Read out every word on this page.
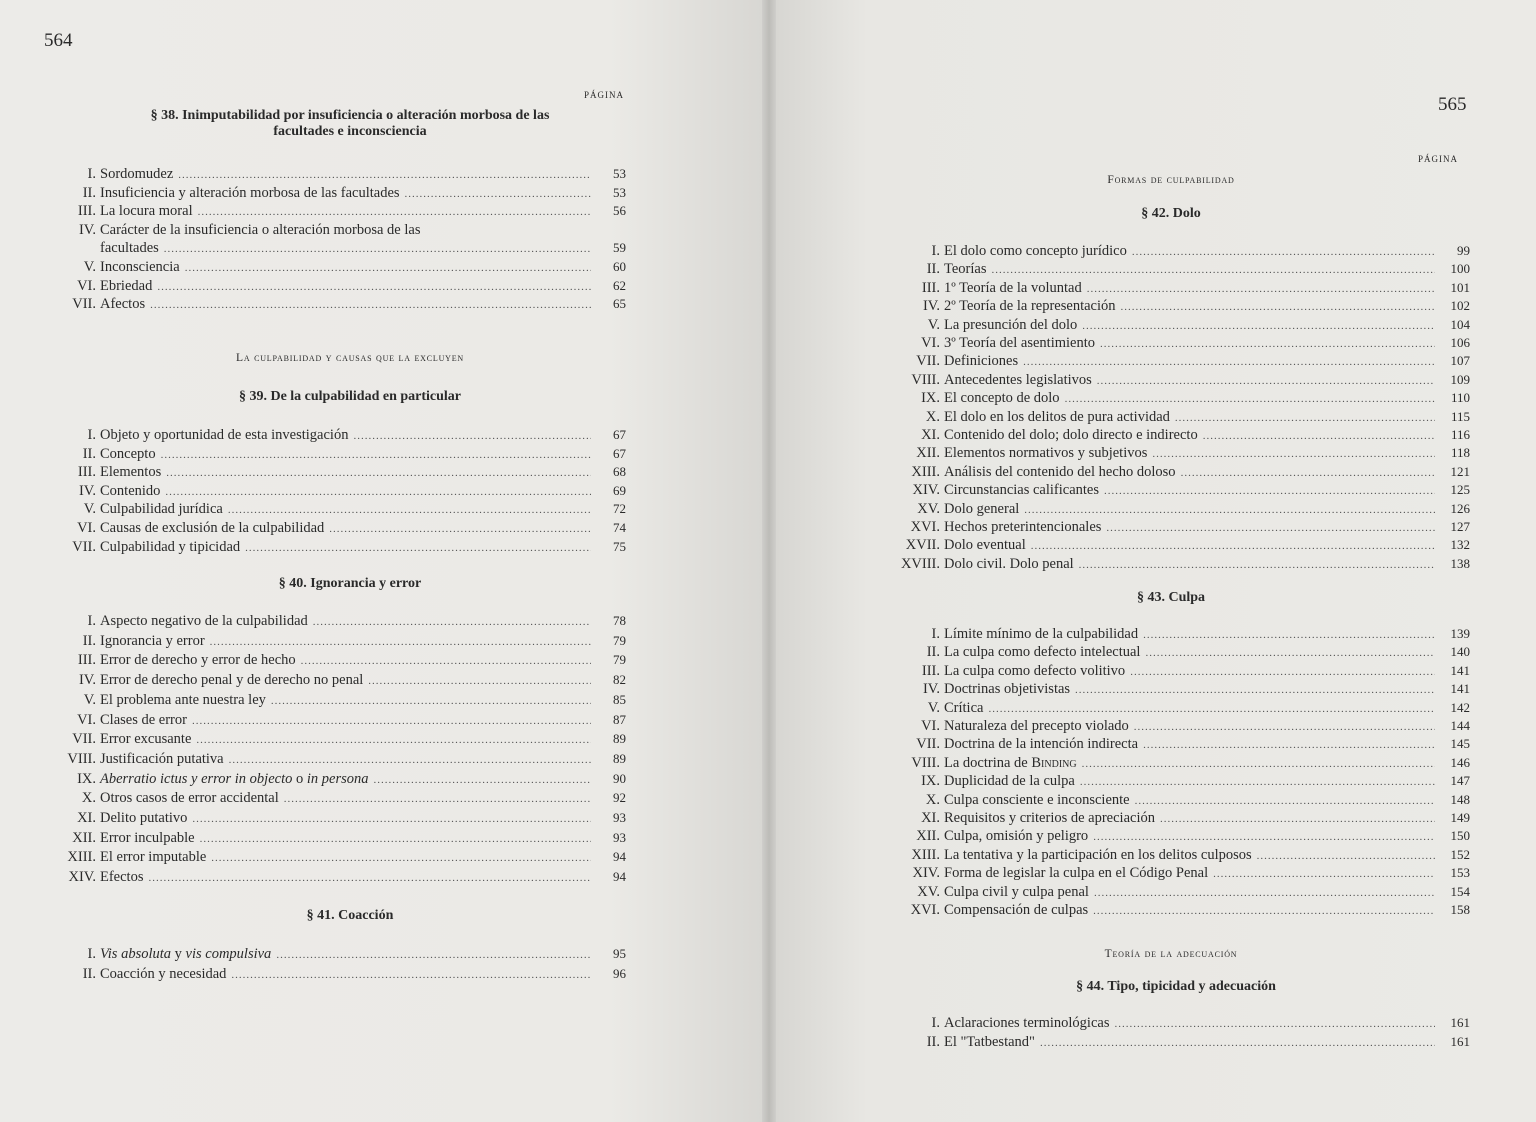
564
PÁGINA
§ 38. Inimputabilidad por insuficiencia o alteración morbosa de las
facultades e inconsciencia
I. Sordomudez .....	53
II. Insuficiencia y alteración morbosa de las facultades .....	53
III. La locura moral .....	56
IV. Carácter de la insuficiencia o alteración morbosa de las
facultades .....	59
V. Inconsciencia .....	60
VI. Ebriedad .....	62
VII. Afectos .....	65
La culpabilidad y causas que la excluyen
§ 39. De la culpabilidad en particular
I. Objeto y oportunidad de esta investigación .....	67
II. Concepto .....	67
III. Elementos .....	68
IV. Contenido .....	69
V. Culpabilidad jurídica .....	72
VI. Causas de exclusión de la culpabilidad .....	74
VII. Culpabilidad y tipicidad .....	75
§ 40. Ignorancia y error
I. Aspecto negativo de la culpabilidad .....	78
II. Ignorancia y error .....	79
III. Error de derecho y error de hecho .....	79
IV. Error de derecho penal y de derecho no penal .....	82
V. El problema ante nuestra ley .....	85
VI. Clases de error .....	87
VII. Error excusante .....	89
VIII. Justificación putativa .....	89
IX. Aberratio ictus y error in objecto o in persona .....	90
X. Otros casos de error accidental .....	92
XI. Delito putativo .....	93
XII. Error inculpable .....	93
XIII. El error imputable .....	94
XIV. Efectos .....	94
§ 41. Coacción
I. Vis absoluta y vis compulsiva .....	95
II. Coacción y necesidad .....	96
565
PÁGINA
Formas de culpabilidad
§ 42. Dolo
I. El dolo como concepto jurídico .....	99
II. Teorías .....	100
III. 1º Teoría de la voluntad .....	101
IV. 2º Teoría de la representación .....	102
V. La presunción del dolo .....	104
VI. 3º Teoría del asentimiento .....	106
VII. Definiciones .....	107
VIII. Antecedentes legislativos .....	109
IX. El concepto de dolo .....	110
X. El dolo en los delitos de pura actividad .....	115
XI. Contenido del dolo; dolo directo e indirecto .....	116
XII. Elementos normativos y subjetivos .....	118
XIII. Análisis del contenido del hecho doloso .....	121
XIV. Circunstancias calificantes .....	125
XV. Dolo general .....	126
XVI. Hechos preterintencionales .....	127
XVII. Dolo eventual .....	132
XVIII. Dolo civil. Dolo penal .....	138
§ 43. Culpa
I. Límite mínimo de la culpabilidad .....	139
II. La culpa como defecto intelectual .....	140
III. La culpa como defecto volitivo .....	141
IV. Doctrinas objetivistas .....	141
V. Crítica .....	142
VI. Naturaleza del precepto violado .....	144
VII. Doctrina de la intención indirecta .....	145
VIII. La doctrina de Binding .....	146
IX. Duplicidad de la culpa .....	147
X. Culpa consciente e inconsciente .....	148
XI. Requisitos y criterios de apreciación .....	149
XII. Culpa, omisión y peligro .....	150
XIII. La tentativa y la participación en los delitos culposos .....	152
XIV. Forma de legislar la culpa en el Código Penal .....	153
XV. Culpa civil y culpa penal .....	154
XVI. Compensación de culpas .....	158
Teoría de la adecuación
§ 44. Tipo, tipicidad y adecuación
I. Aclaraciones terminológicas .....	161
II. El "Tatbestand" .....	161
